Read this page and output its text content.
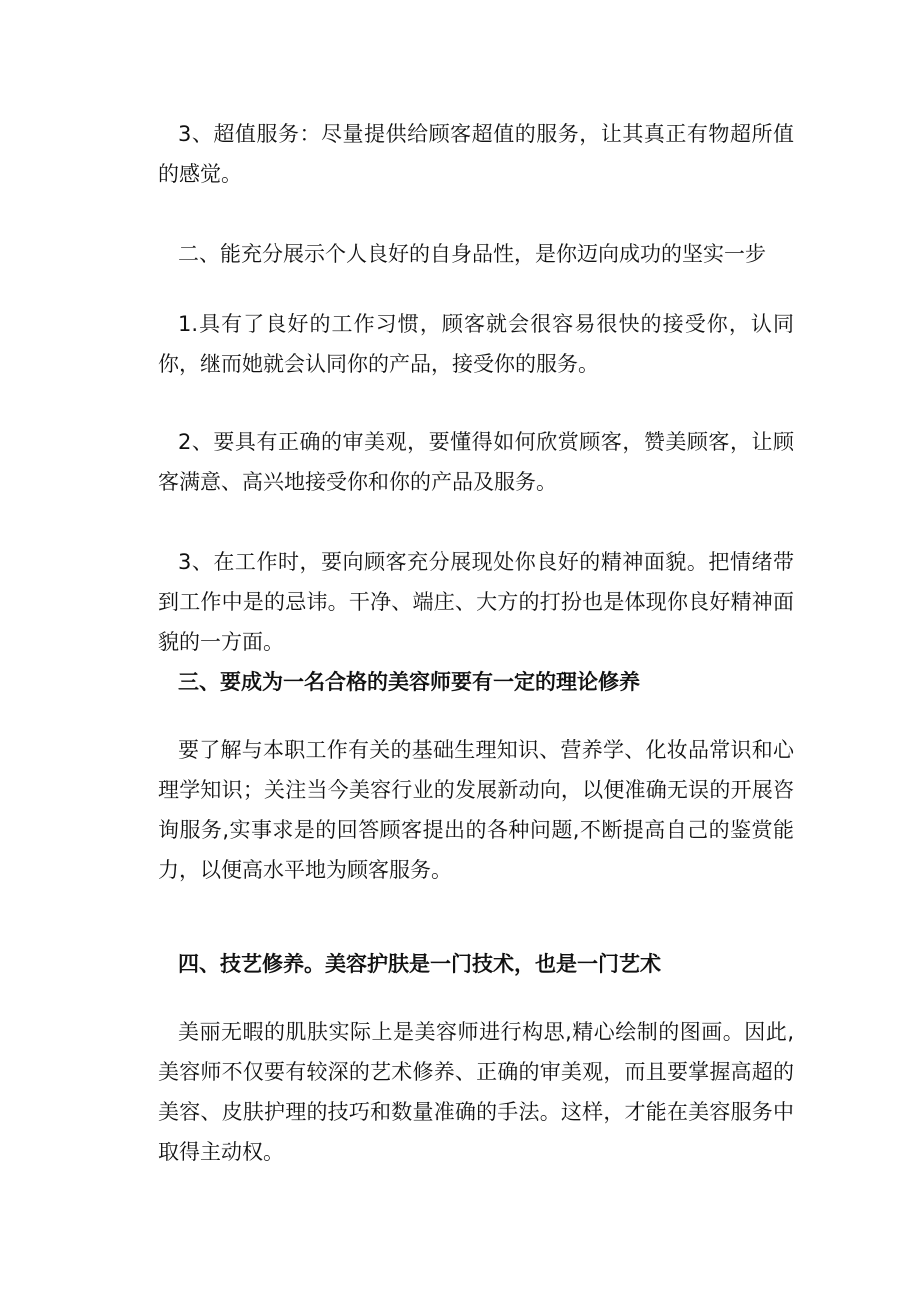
3、超值服务：尽量提供给顾客超值的服务，让其真正有物超所值的感觉。

二、能充分展示个人良好的自身品性，是你迈向成功的坚实一步

1.具有了良好的工作习惯，顾客就会很容易很快的接受你，认同你，继而她就会认同你的产品，接受你的服务。

2、要具有正确的审美观，要懂得如何欣赏顾客，赞美顾客，让顾客满意、高兴地接受你和你的产品及服务。

3、在工作时，要向顾客充分展现处你良好的精神面貌。把情绪带到工作中是的忌讳。干净、端庄、大方的打扮也是体现你良好精神面貌的一方面。

三、要成为一名合格的美容师要有一定的理论修养

要了解与本职工作有关的基础生理知识、营养学、化妆品常识和心理学知识；关注当今美容行业的发展新动向，以便准确无误的开展咨询服务,实事求是的回答顾客提出的各种问题,不断提高自己的鉴赏能力，以便高水平地为顾客服务。

四、技艺修养。美容护肤是一门技术，也是一门艺术

美丽无暇的肌肤实际上是美容师进行构思,精心绘制的图画。因此,美容师不仅要有较深的艺术修养、正确的审美观，而且要掌握高超的美容、皮肤护理的技巧和数量准确的手法。这样，才能在美容服务中取得主动权。
